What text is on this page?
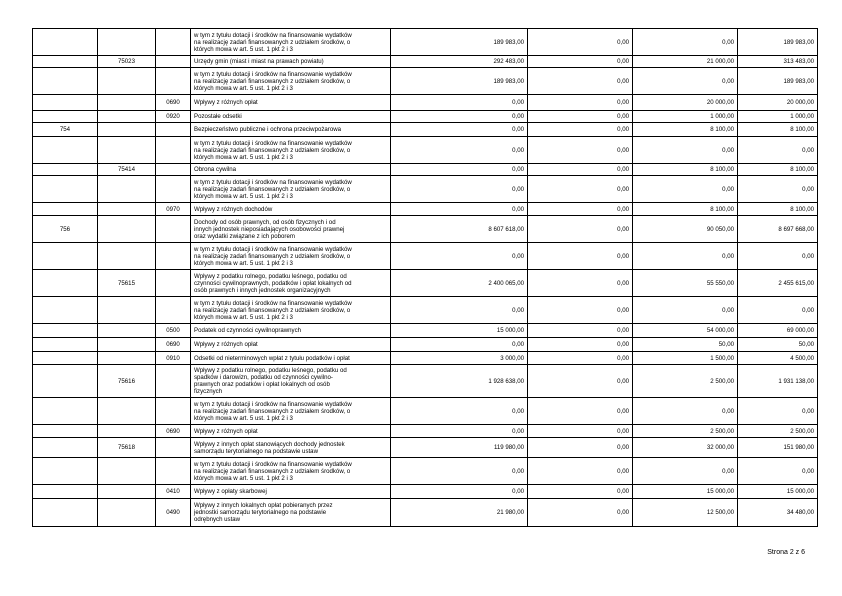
			w tym z tytułu dotacji i środków na finansowanie wydatków
na realizację zadań finansowanych z udziałem środków, o
których mowa w art. 5 ust. 1 pkt 2 i 3	189 983,00	0,00	0,00	189 983,00
	75023		Urzędy gmin (miast i miast na prawach powiatu)	292 483,00	0,00	21 000,00	313 483,00
			w tym z tytułu dotacji i środków na finansowanie wydatków
na realizację zadań finansowanych z udziałem środków, o
których mowa w art. 5 ust. 1 pkt 2 i 3	189 983,00	0,00	0,00	189 983,00
		0690	Wpływy z różnych opłat	0,00	0,00	20 000,00	20 000,00
		0920	Pozostałe odsetki	0,00	0,00	1 000,00	1 000,00
754			Bezpieczeństwo publiczne i ochrona przeciwpożarowa	0,00	0,00	8 100,00	8 100,00
			w tym z tytułu dotacji i środków na finansowanie wydatków
na realizację zadań finansowanych z udziałem środków, o
których mowa w art. 5 ust. 1 pkt 2 i 3	0,00	0,00	0,00	0,00
	75414		Obrona cywilna	0,00	0,00	8 100,00	8 100,00
			w tym z tytułu dotacji i środków na finansowanie wydatków
na realizację zadań finansowanych z udziałem środków, o
których mowa w art. 5 ust. 1 pkt 2 i 3	0,00	0,00	0,00	0,00
		0970	Wpływy z różnych dochodów	0,00	0,00	8 100,00	8 100,00
756			Dochody od osób prawnych, od osób fizycznych i od
innych jednostek nieposiadających osobowości prawnej
oraz wydatki związane z ich poborem	8 607 618,00	0,00	90 050,00	8 697 668,00
			w tym z tytułu dotacji i środków na finansowanie wydatków
na realizację zadań finansowanych z udziałem środków, o
których mowa w art. 5 ust. 1 pkt 2 i 3	0,00	0,00	0,00	0,00
	75615		Wpływy z podatku rolnego, podatku leśnego, podatku od
czynności cywilnoprawnych, podatków i opłat lokalnych od
osób prawnych i innych jednostek organizacyjnych	2 400 065,00	0,00	55 550,00	2 455 615,00
			w tym z tytułu dotacji i środków na finansowanie wydatków
na realizację zadań finansowanych z udziałem środków, o
których mowa w art. 5 ust. 1 pkt 2 i 3	0,00	0,00	0,00	0,00
		0500	Podatek od czynności cywilnoprawnych	15 000,00	0,00	54 000,00	69 000,00
		0690	Wpływy z różnych opłat	0,00	0,00	50,00	50,00
		0910	Odsetki od nieterminowych wpłat z tytułu podatków i opłat	3 000,00	0,00	1 500,00	4 500,00
	75616		Wpływy z podatku rolnego, podatku leśnego, podatku od
spadków i darowizn, podatku od czynności cywilno-
prawnych oraz podatków i opłat lokalnych od osób
fizycznych	1 928 638,00	0,00	2 500,00	1 931 138,00
			w tym z tytułu dotacji i środków na finansowanie wydatków
na realizację zadań finansowanych z udziałem środków, o
których mowa w art. 5 ust. 1 pkt 2 i 3	0,00	0,00	0,00	0,00
		0690	Wpływy z różnych opłat	0,00	0,00	2 500,00	2 500,00
	75618		Wpływy z innych opłat stanowiących dochody jednostek
samorządu terytorialnego na podstawie ustaw	119 980,00	0,00	32 000,00	151 980,00
			w tym z tytułu dotacji i środków na finansowanie wydatków
na realizację zadań finansowanych z udziałem środków, o
których mowa w art. 5 ust. 1 pkt 2 i 3	0,00	0,00	0,00	0,00
		0410	Wpływy z opłaty skarbowej	0,00	0,00	15 000,00	15 000,00
		0490	Wpływy z innych lokalnych opłat pobieranych przez
jednostki samorządu terytorialnego na podstawie
odrębnych ustaw	21 980,00	0,00	12 500,00	34 480,00
Strona 2 z 6
